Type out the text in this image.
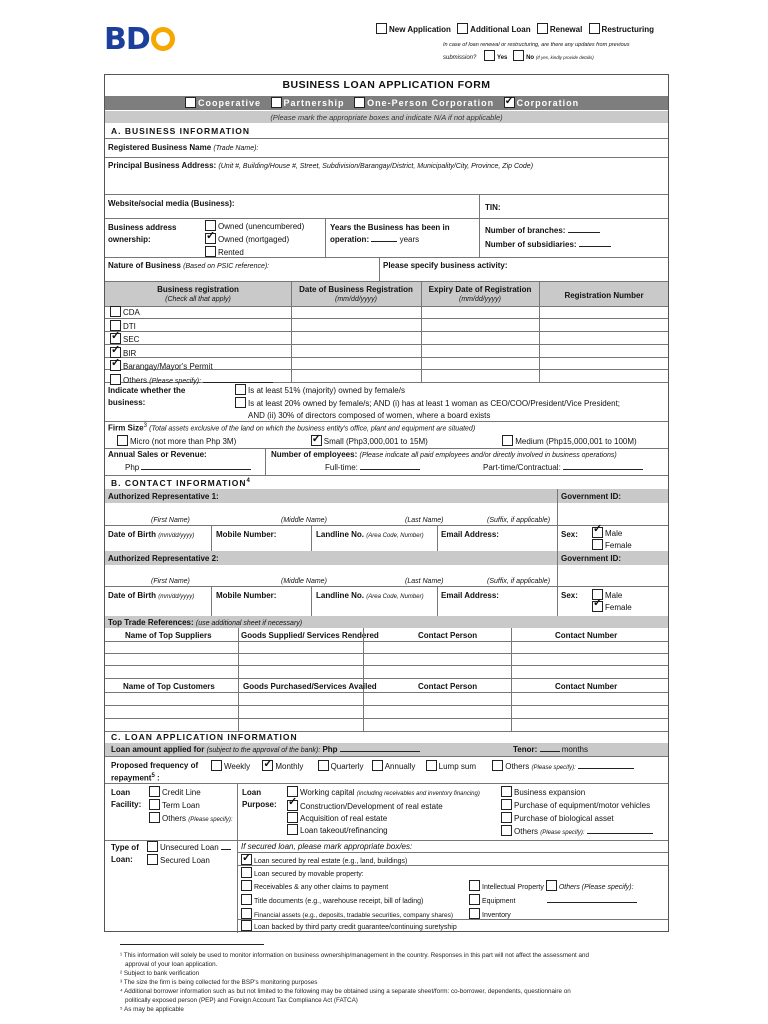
BD	New Application Additional Loan Renewal Restructuring
In case of loan renewal or restructuring, are there any updates from previous
submission?	Yes	No (If yes, kindly provide details)
BUSINESS LOAN APPLICATION FORM
Cooperative	Partnership	One-Person Corporation ✓	Corporation
(Please mark the appropriate boxes and indicate N/A if not applicable)
A. BUSINESS INFORMATION
Registered Business Name (Trade Name):
Principal Business Address: (Unit #, Building/House #, Street, Subdivision/Barangay/District, Municipality/City, Province, Zip Code)
Website/social media (Business):	TIN:
Business address
ownership:
Owned (unencumbered)
✓Owned (mortgaged)
Rented
Years the Business has been in
operation:	years
Number of branches:
Number of subsidiaries:
Nature of Business (Based on PSIC reference):	Please specify business activity:
Business registration
(Check all that apply)
Date of Business Registration
(mm/dd/yyyy)
Expiry Date of Registration
(mm/dd/yyyy)	Registration Number
CDA
DTI
✓SEC
✓BIR
✓Barangay/Mayor's Permit
Others (Please specify):
Indicate whether the
business:
Is at least 51% (majority) owned by female/s
Is at least 20% owned by female/s; AND (i) has at least 1 woman as CEO/COO/President/Vice President;
AND (ii) 30% of directors composed of women, where a board exists
Firm Size$^3$ (Total assets exclusive of the land on which the business entity's office, plant and equipment are situated)
Micro (not more than Php 3M) ✓	Small (Php3,000,001 to 15M)	Medium (Php15,000,001 to 100M)
Annual Sales or Revenue:
Php
Number of employees: (Please indicate all paid employees and/or directly involved in business operations)
Full-time:	Part-time/Contractual:
B. CONTACT INFORMATION$^4$
Authorized Representative 1:	Government ID:
(First Name)	(Middle Name)	(Last Name)	(Suffix, if applicable)
Date of Birth (mm/dd/yyyy)	Mobile Number:	Landline No. (Area Code, Number) Email Address:	Sex: ✓	Male
Female
Authorized Representative 2:	Government ID:
(First Name)	(Middle Name)	(Last Name)	(Suffix, if applicable)
Date of Birth (mm/dd/yyyy)	Mobile Number:	Landline No. (Area Code, Number) Email Address:	Sex:	Male
✓Female
Top Trade References: (use additional sheet if necessary)
Name of Top Suppliers	Goods Supplied/ Services Rendered	Contact Person	Contact Number
Name of Top Customers	Goods Purchased/Services Availed	Contact Person	Contact Number
C. LOAN APPLICATION INFORMATION
Loan amount applied for (subject to the approval of the bank): Php	Tenor:	months
Proposed frequency of
repayment$^5$ :
Weekly ✓	Monthly	Quarterly	Annually	Lump sum	Others (Please specify):
Loan
Facility:
Credit Line
Term Loan
Others (Please specify):
Loan
Purpose:
Working capital (including receivables and inventory financing)
✓Construction/Development of real estate
Acquisition of real estate
Loan takeout/refinancing
Business expansion
Purchase of equipment/motor vehicles
Purchase of biological asset
Others (Please specify):
Type of
Loan:
Unsecured Loan
Secured Loan
If secured loan, please mark appropriate box/es:
✓Loan secured by real estate (e.g., land, buildings)
Loan secured by movable property:
Receivables & any other claims to payment
Title documents (e.g., warehouse receipt, bill of lading)
Financial assets (e.g., deposits, tradable securities, company shares)
Intellectual Property Others (Please specify):
Equipment
Inventory
Loan backed by third party credit guarantee/continuing suretyship
¹ This information will solely be used to monitor information on business ownership/management in the country. Responses in this part will not affect the assessment and
approval of your loan application.
² Subject to bank verification
³ The size the firm is being collected for the BSP's monitoring purposes
⁴ Additional borrower information such as but not limited to the following may be obtained using a separate sheet/form: co-borrower, dependents, questionnaire on
politically exposed person (PEP) and Foreign Account Tax Compliance Act (FATCA)
⁵ As may be applicable
